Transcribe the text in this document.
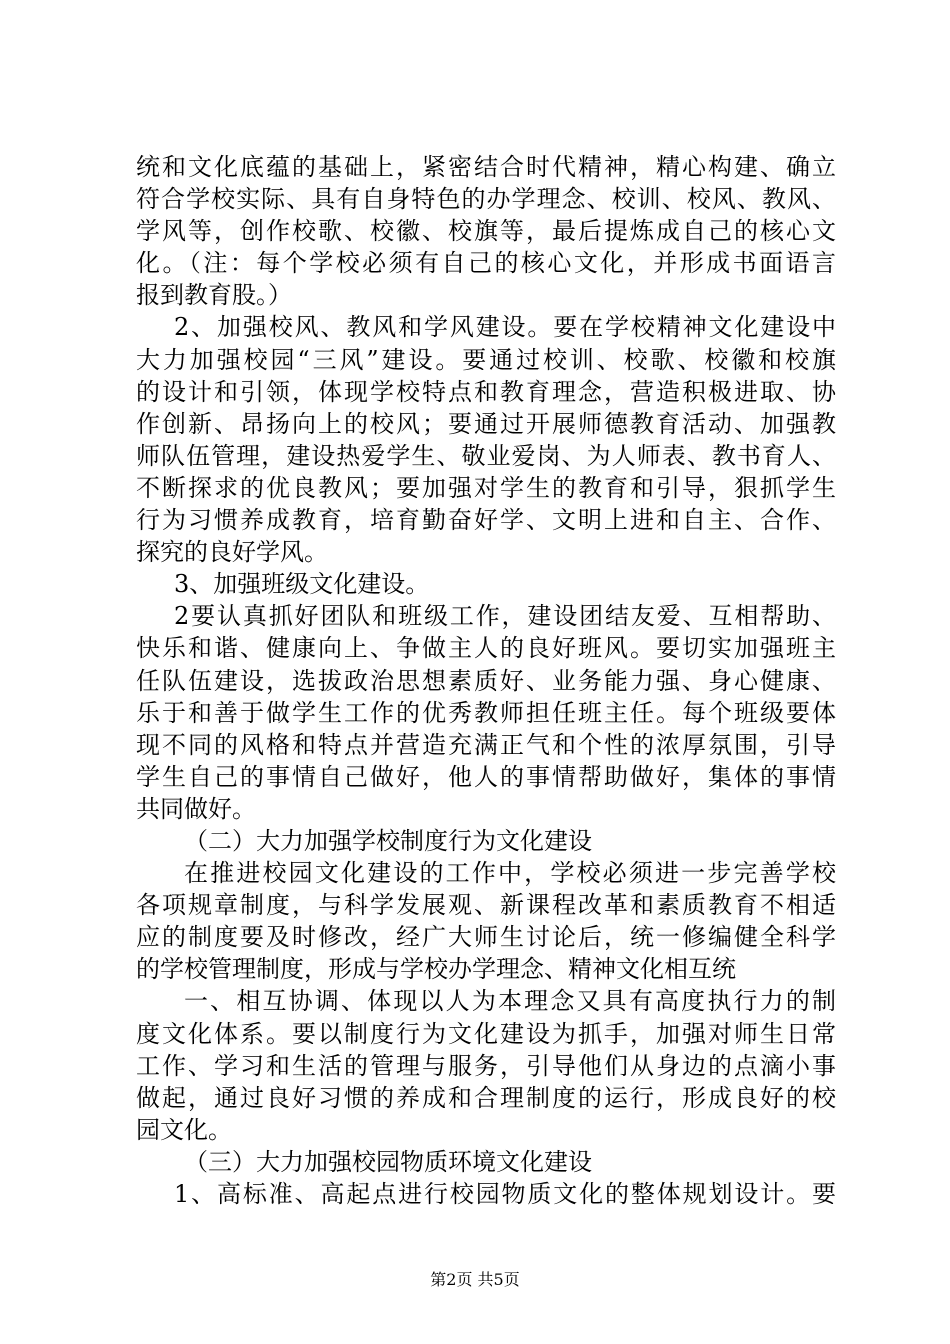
统和文化底蕴的基础上，紧密结合时代精神，精心构建、确立
符合学校实际、具有自身特色的办学理念、校训、校风、教风、
学风等，创作校歌、校徽、校旗等，最后提炼成自己的核心文
化。（注：每个学校必须有自己的核心文化，并形成书面语言
报到教育股。）
2、加强校风、教风和学风建设。要在学校精神文化建设中
大力加强校园“三风”建设。要通过校训、校歌、校徽和校旗
的设计和引领，体现学校特点和教育理念，营造积极进取、协
作创新、昂扬向上的校风；要通过开展师德教育活动、加强教
师队伍管理，建设热爱学生、敬业爱岗、为人师表、教书育人、
不断探求的优良教风；要加强对学生的教育和引导，狠抓学生
行为习惯养成教育，培育勤奋好学、文明上进和自主、合作、
探究的良好学风。
3、加强班级文化建设。
2要认真抓好团队和班级工作，建设团结友爱、互相帮助、
快乐和谐、健康向上、争做主人的良好班风。要切实加强班主
任队伍建设，选拔政治思想素质好、业务能力强、身心健康、
乐于和善于做学生工作的优秀教师担任班主任。每个班级要体
现不同的风格和特点并营造充满正气和个性的浓厚氛围，引导
学生自己的事情自己做好，他人的事情帮助做好，集体的事情
共同做好。
（二）大力加强学校制度行为文化建设
在推进校园文化建设的工作中，学校必须进一步完善学校
各项规章制度，与科学发展观、新课程改革和素质教育不相适
应的制度要及时修改，经广大师生讨论后，统一修编健全科学
的学校管理制度，形成与学校办学理念、精神文化相互统
一、相互协调、体现以人为本理念又具有高度执行力的制
度文化体系。要以制度行为文化建设为抓手，加强对师生日常
工作、学习和生活的管理与服务，引导他们从身边的点滴小事
做起，通过良好习惯的养成和合理制度的运行，形成良好的校
园文化。
（三）大力加强校园物质环境文化建设
1、高标准、高起点进行校园物质文化的整体规划设计。要
第2页 共5页
